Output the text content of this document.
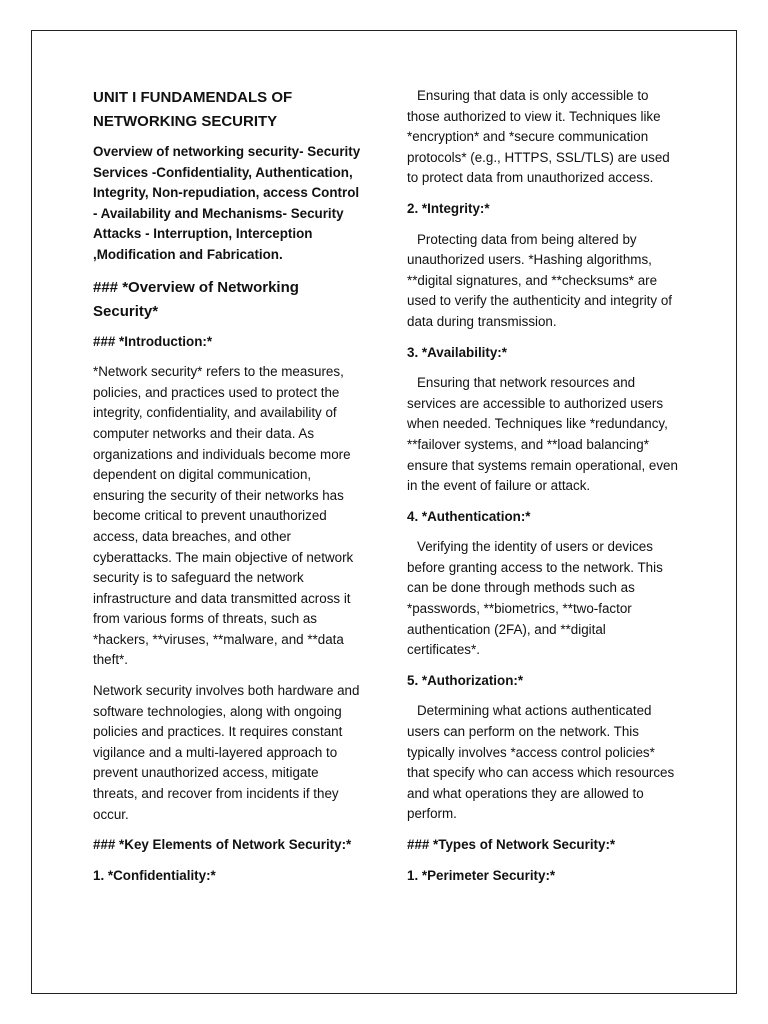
UNIT I FUNDAMENDALS OF NETWORKING SECURITY

Overview of networking security- Security Services -Confidentiality, Authentication, Integrity, Non-repudiation, access Control - Availability and Mechanisms- Security Attacks - Interruption, Interception ,Modification and Fabrication.

### *Overview of Networking Security*

### *Introduction:*

*Network security* refers to the measures, policies, and practices used to protect the integrity, confidentiality, and availability of computer networks and their data. As organizations and individuals become more dependent on digital communication, ensuring the security of their networks has become critical to prevent unauthorized access, data breaches, and other cyberattacks. The main objective of network security is to safeguard the network infrastructure and data transmitted across it from various forms of threats, such as *hackers, **viruses, **malware, and **data theft*.

Network security involves both hardware and software technologies, along with ongoing policies and practices. It requires constant vigilance and a multi-layered approach to prevent unauthorized access, mitigate threats, and recover from incidents if they occur.

### *Key Elements of Network Security:*

1. *Confidentiality:*

Ensuring that data is only accessible to those authorized to view it. Techniques like *encryption* and *secure communication protocols* (e.g., HTTPS, SSL/TLS) are used to protect data from unauthorized access.

2. *Integrity:*

Protecting data from being altered by unauthorized users. *Hashing algorithms, **digital signatures, and **checksums* are used to verify the authenticity and integrity of data during transmission.

3. *Availability:*

Ensuring that network resources and services are accessible to authorized users when needed. Techniques like *redundancy, **failover systems, and **load balancing* ensure that systems remain operational, even in the event of failure or attack.

4. *Authentication:*

Verifying the identity of users or devices before granting access to the network. This can be done through methods such as *passwords, **biometrics, **two-factor authentication (2FA), and **digital certificates*.

5. *Authorization:*

Determining what actions authenticated users can perform on the network. This typically involves *access control policies* that specify who can access which resources and what operations they are allowed to perform.

### *Types of Network Security:*

1. *Perimeter Security:*
